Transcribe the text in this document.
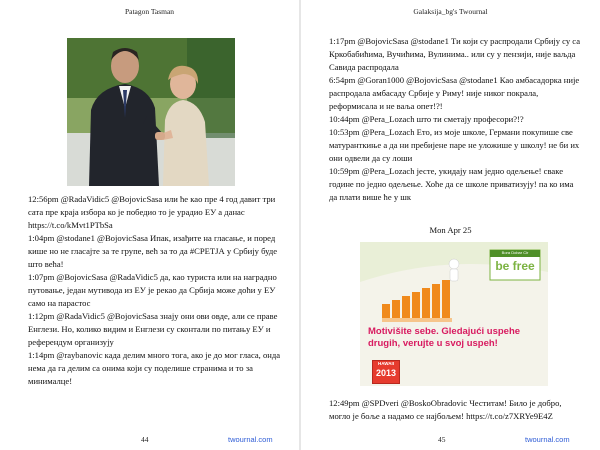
Patаgоn Tasman

12:56pm @RadaVidic5 @BojovicSasa или ће као пре 4 год давит три сата пре краја избора ко је победио то је урадио ЕУ а данас https://t.co/kMvt1PTbSa

1:04pm @stodane1 @BojovicSasa Ипак, изађите на гласање, и поред кише но не гласајте за те групе, већ за то да #СРЕТЈА у Србију буде што већа!

1:07pm @BojovicSasa @RadaVidic5 да, као туриста или на наградно путовање, један мутивода из ЕУ је рекао да Србија може доћи у ЕУ само на парастос

1:12pm @RadaVidic5 @BojovicSasa знају они ови овде, али се праве Енглези. Но, колико видим и Енглези су сконтали по питању ЕУ и референдум организују

1:14pm @raybanovic када делим много тога, ако је до мог гласа, онда нема да га делим са онима који су поделише странима и то за минималце!

44	twournal.com
Galaksija_bg's Twournal

1:17pm @BojovicSasa @stodane1 Ти који су распродали Србију су са Кркобабићима, Вучићима, Вулинима.. или су у пензији, није ваљда Савида распродала

6:54pm @Goran1000 @BojovicSasa @stodane1 Као амбасадорка није распродала амбасаду Србије у Риму! није никог покрала, реформисала и не ваља опет!?!

10:44pm @Pera_Lozach што ти сметају професори?!?

10:53pm @Pera_Lozach Ето, из моје школе, Германи покупише све матуранткиње а да ни пребијене паре не уложише у школу! не би их они одвели да су лоши

10:59pm @Pera_Lozach јесте, укидају нам једно одељење! сваке године по једно одељење. Хоће да се школе приватизују! па ко има да плати више ће у шк

Mon Apr 25
Bora Dobar Cir
be free
Motivišite sebe. Gledaјući uspehe drugih, veruјte u svoj uspeh!
HAWAII
2013

12:49pm @SPDveri @BoskoObradovic Честитам! Било је добро, могло је боље а надамо се најбољем! https://t.co/z7XRYe9E4Z

45	twournal.com
